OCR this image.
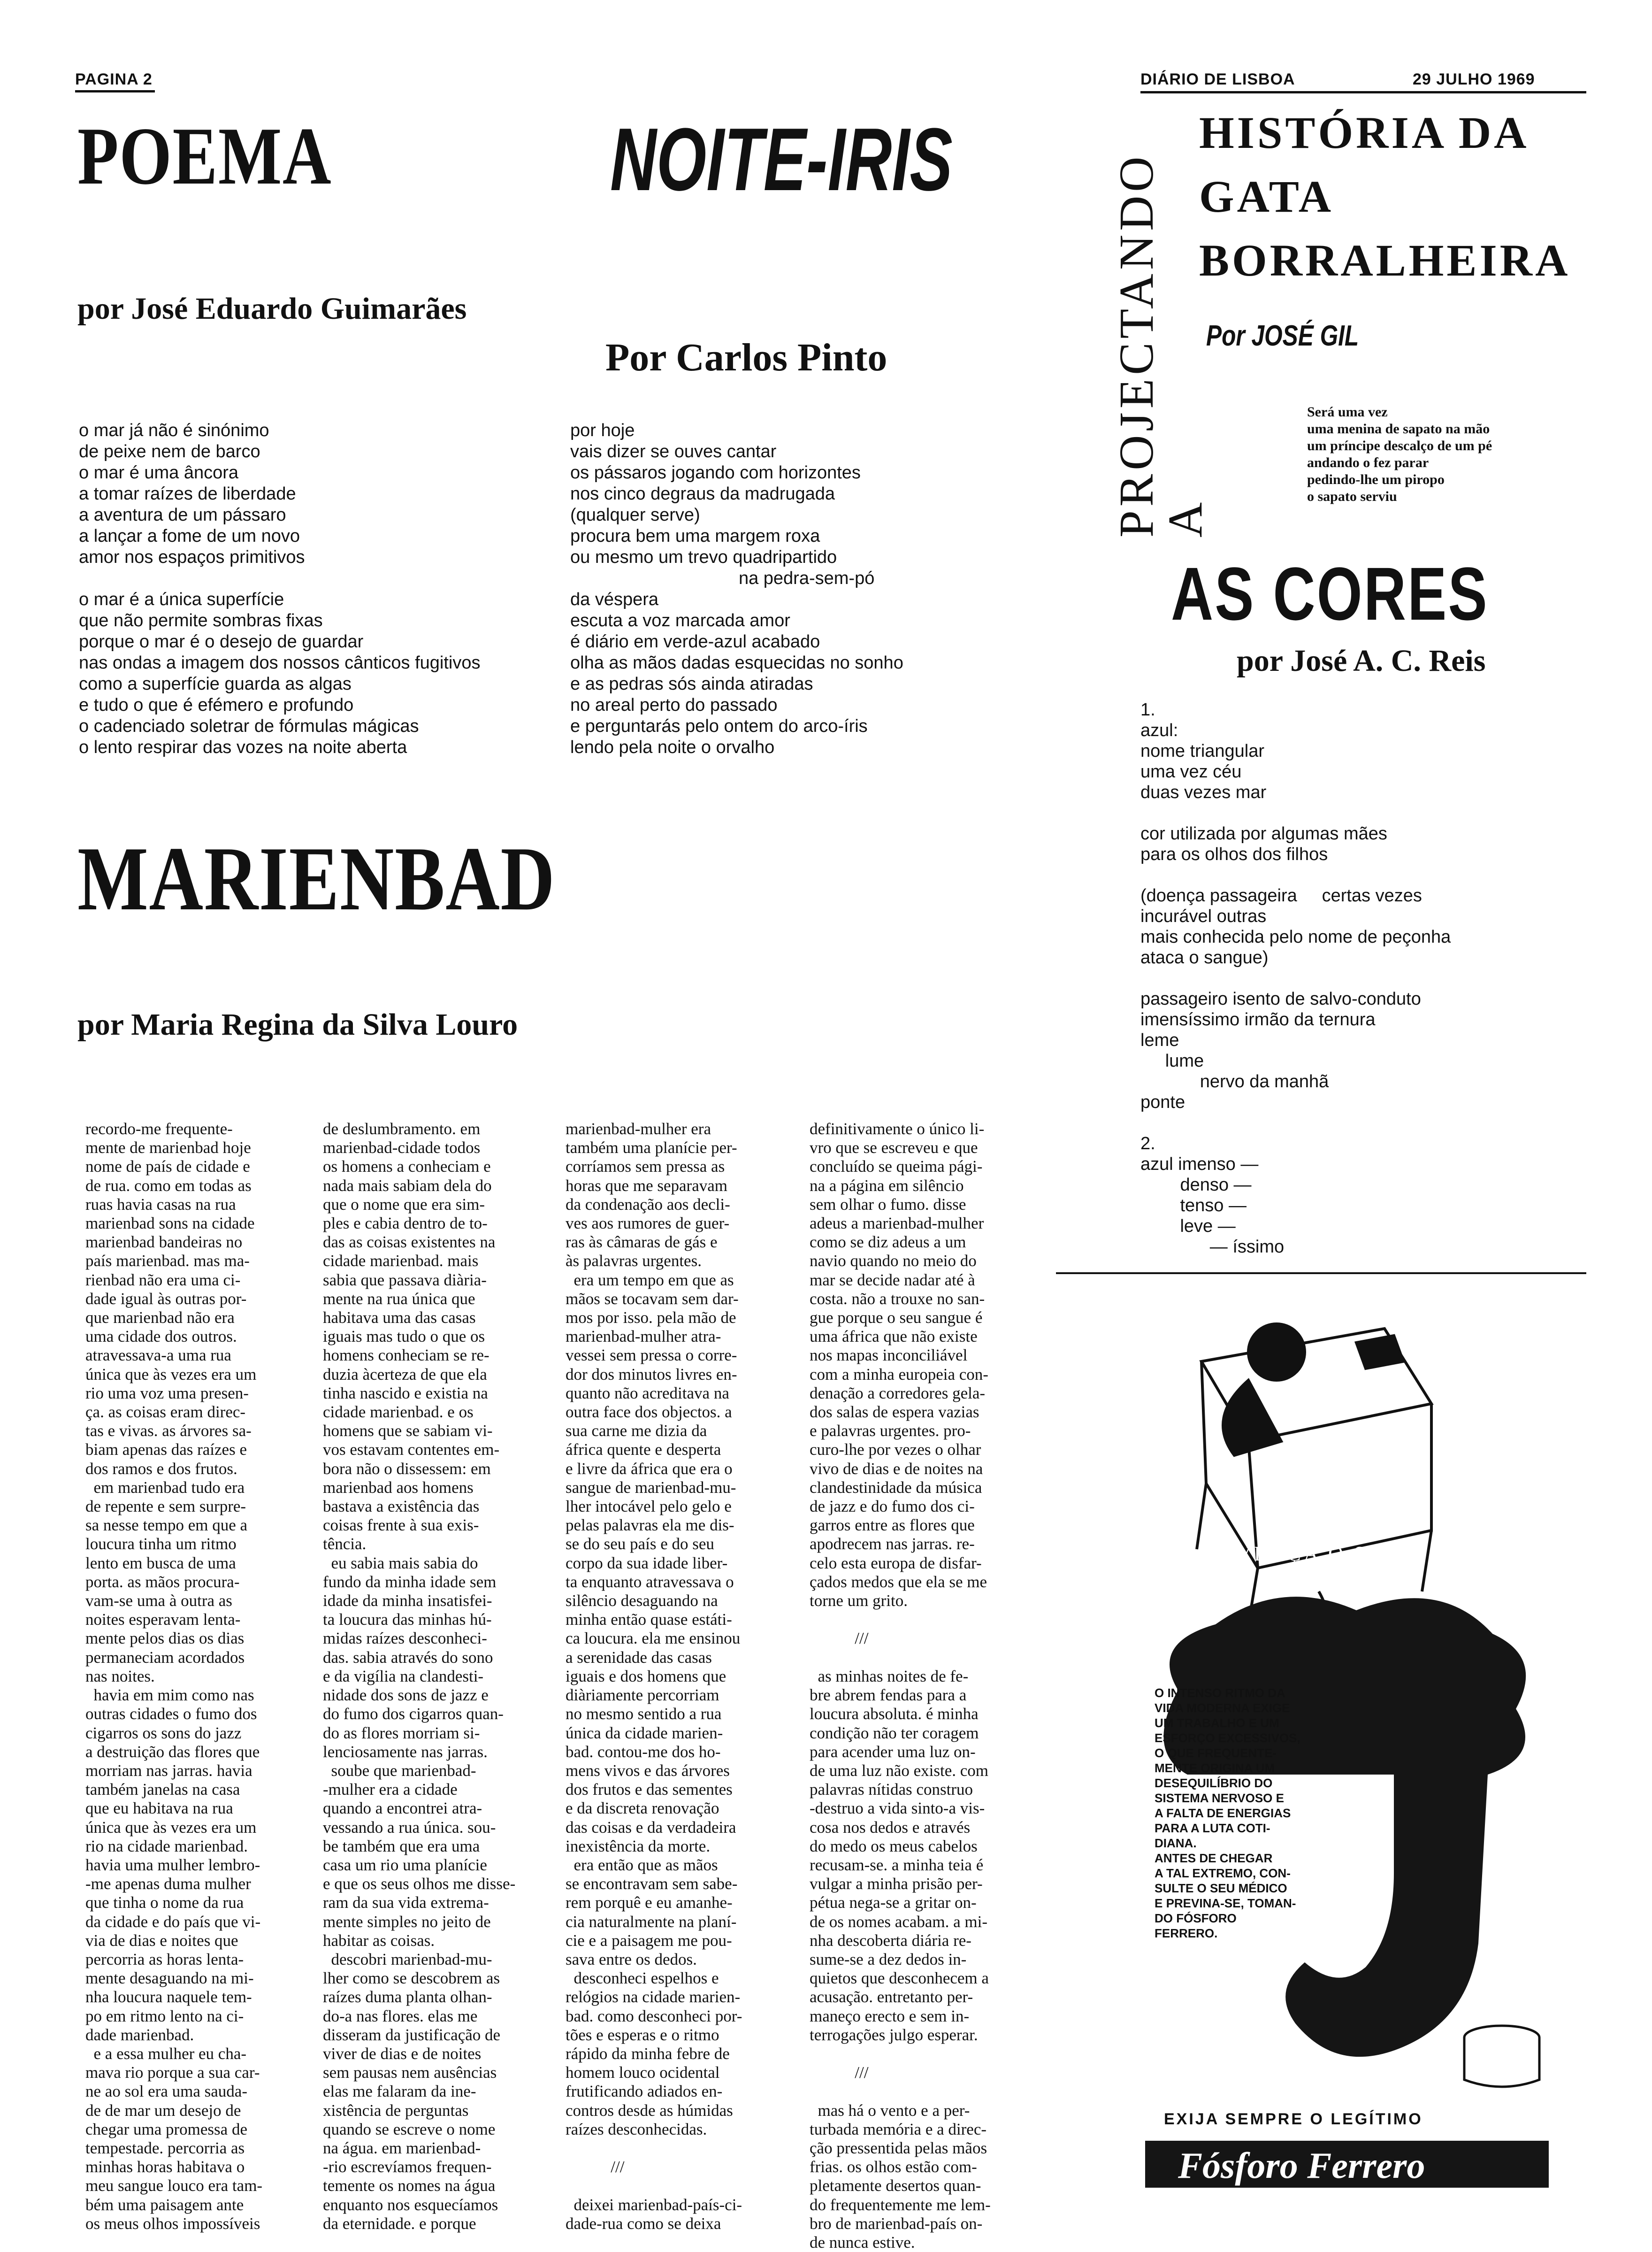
PAGINA 2	DIÁRIO DE LISBOA	29 JULHO 1969
POEMA
por José Eduardo Guimarães
o mar já não é sinónimo
de peixe nem de barco
o mar é uma âncora
a tomar raízes de liberdade
a aventura de um pássaro
a lançar a fome de um novo
amor nos espaços primitivos

o mar é a única superfície
que não permite sombras fixas
porque o mar é o desejo de guardar
nas ondas a imagem dos nossos cânticos fugitivos
como a superfície guarda as algas
e tudo o que é efémero e profundo
o cadenciado soletrar de fórmulas mágicas
o lento respirar das vozes na noite aberta
NOITE-IRIS
Por Carlos Pinto
por hoje
vais dizer se ouves cantar
os pássaros jogando com horizontes
nos cinco degraus da madrugada
(qualquer serve)
procura bem uma margem roxa
ou mesmo um trevo quadripartido
na pedra-sem-pó
da véspera
escuta a voz marcada amor
é diário em verde-azul acabado
olha as mãos dadas esquecidas no sonho
e as pedras sós ainda atiradas
no areal perto do passado
e perguntarás pelo ontem do arco-íris
lendo pela noite o orvalho
MARIENBAD
por Maria Regina da Silva Louro
recordo-me frequente-
mente de marienbad hoje
nome de país de cidade e
de rua. como em todas as
ruas havia casas na rua
marienbad sons na cidade
marienbad bandeiras no
país marienbad. mas ma-
rienbad não era uma ci-
dade igual às outras por-
que marienbad não era
uma cidade dos outros.
atravessava-a uma rua
única que às vezes era um
rio uma voz uma presen-
ça. as coisas eram direc-
tas e vivas. as árvores sa-
biam apenas das raízes e
dos ramos e dos frutos.
em marienbad tudo era
de repente e sem surpre-
sa nesse tempo em que a
loucura tinha um ritmo
lento em busca de uma
porta. as mãos procura-
vam-se uma à outra as
noites esperavam lenta-
mente pelos dias os dias
permaneciam acordados
nas noites.
havia em mim como nas
outras cidades o fumo dos
cigarros os sons do jazz
a destruição das flores que
morriam nas jarras. havia
também janelas na casa
que eu habitava na rua
única que às vezes era um
rio na cidade marienbad.
havia uma mulher lembro-
-me apenas duma mulher
que tinha o nome da rua
da cidade e do país que vi-
via de dias e noites que
percorria as horas lenta-
mente desaguando na mi-
nha loucura naquele tem-
po em ritmo lento na ci-
dade marienbad.
e a essa mulher eu cha-
mava rio porque a sua car-
ne ao sol era uma sauda-
de de mar um desejo de
chegar uma promessa de
tempestade. percorria as
minhas horas habitava o
meu sangue louco era tam-
bém uma paisagem ante
os meus olhos impossíveis
de deslumbramento. em
marienbad-cidade todos
os homens a conheciam e
nada mais sabiam dela do
que o nome que era sim-
ples e cabia dentro de to-
das as coisas existentes na
cidade marienbad. mais
sabia que passava diària-
mente na rua única que
habitava uma das casas
iguais mas tudo o que os
homens conheciam se re-
duzia àcerteza de que ela
tinha nascido e existia na
cidade marienbad. e os
homens que se sabiam vi-
vos estavam contentes em-
bora não o dissessem: em
marienbad aos homens
bastava a existência das
coisas frente à sua exis-
tência.
eu sabia mais sabia do
fundo da minha idade sem
idade da minha insatisfei-
ta loucura das minhas hú-
midas raízes desconheci-
das. sabia através do sono
e da vigília na clandesti-
nidade dos sons de jazz e
do fumo dos cigarros quan-
do as flores morriam si-
lenciosamente nas jarras.
soube que marienbad-
-mulher era a cidade
quando a encontrei atra-
vessando a rua única. sou-
be também que era uma
casa um rio uma planície
e que os seus olhos me disse-
ram da sua vida extrema-
mente simples no jeito de
habitar as coisas.
descobri marienbad-mu-
lher como se descobrem as
raízes duma planta olhan-
do-a nas flores. elas me
disseram da justificação de
viver de dias e de noites
sem pausas nem ausências
elas me falaram da ine-
xistência de perguntas
quando se escreve o nome
na água. em marienbad-
-rio escrevíamos frequen-
temente os nomes na água
enquanto nos esquecíamos
da eternidade. e porque
marienbad-mulher era
também uma planície per-
corríamos sem pressa as
horas que me separavam
da condenação aos decli-
ves aos rumores de guer-
ras às câmaras de gás e
às palavras urgentes.
era um tempo em que as
mãos se tocavam sem dar-
mos por isso. pela mão de
marienbad-mulher atra-
vessei sem pressa o corre-
dor dos minutos livres en-
quanto não acreditava na
outra face dos objectos. a
sua carne me dizia da
áfrica quente e desperta
e livre da áfrica que era o
sangue de marienbad-mu-
lher intocável pelo gelo e
pelas palavras ela me dis-
se do seu país e do seu
corpo da sua idade liber-
ta enquanto atravessava o
silêncio desaguando na
minha então quase estáti-
ca loucura. ela me ensinou
a serenidade das casas
iguais e dos homens que
diàriamente percorriam
no mesmo sentido a rua
única da cidade marien-
bad. contou-me dos ho-
mens vivos e das árvores
dos frutos e das sementes
e da discreta renovação
das coisas e da verdadeira
inexistência da morte.
era então que as mãos
se encontravam sem sabe-
rem porquê e eu amanhe-
cia naturalmente na planí-
cie e a paisagem me pou-
sava entre os dedos.
desconheci espelhos e
relógios na cidade marien-
bad. como desconheci por-
tões e esperas e o ritmo
rápido da minha febre de
homem louco ocidental
frutificando adiados en-
contros desde as húmidas
raízes desconhecidas.

///

deixei marienbad-país-ci-
dade-rua como se deixa
definitivamente o único li-
vro que se escreveu e que
concluído se queima pági-
na a página em silêncio
sem olhar o fumo. disse
adeus a marienbad-mulher
como se diz adeus a um
navio quando no meio do
mar se decide nadar até à
costa. não a trouxe no san-
gue porque o seu sangue é
uma áfrica que não existe
nos mapas inconciliável
com a minha europeia con-
denação a corredores gela-
dos salas de espera vazias
e palavras urgentes. pro-
curo-lhe por vezes o olhar
vivo de dias e de noites na
clandestinidade da música
de jazz e do fumo dos ci-
garros entre as flores que
apodrecem nas jarras. re-
celo esta europa de disfar-
çados medos que ela se me
torne um grito.

///

as minhas noites de fe-
bre abrem fendas para a
loucura absoluta. é minha
condição não ter coragem
para acender uma luz on-
de uma luz não existe. com
palavras nítidas construo
-destruo a vida sinto-a vis-
cosa nos dedos e através
do medo os meus cabelos
recusam-se. a minha teia é
vulgar a minha prisão per-
pétua nega-se a gritar on-
de os nomes acabam. a mi-
nha descoberta diária re-
sume-se a dez dedos in-
quietos que desconhecem a
acusação. entretanto per-
maneço erecto e sem in-
terrogações julgo esperar.

///

mas há o vento e a per-
turbada memória e a direc-
ção pressentida pelas mãos
frias. os olhos estão com-
pletamente desertos quan-
do frequentemente me lem-
bro de marienbad-país on-
de nunca estive.
PROJECTANDO A
HISTÓRIA DA
GATA
BORRALHEIRA
Por JOSÉ GIL
Será uma vez
uma menina de sapato na mão
um príncipe descalço de um pé
andando o fez parar
pedindo-lhe um piropo
o sapato serviu
AS CORES
por José A. C. Reis
1.
azul:
nome triangular
uma vez céu
duas vezes mar

cor utilizada por algumas mães
para os olhos dos filhos

(doença passageira     certas vezes
incurável outras
mais conhecida pelo nome de peçonha
ataca o sangue)

passageiro isento de salvo-conduto
imensíssimo irmão da ternura
leme
lume
nervo da manhã
ponte

2.
azul imenso —
denso —
tenso —
leve —
— íssimo
VENÇA O SEU
ESGOTAMENTO
O INTENSO RITMO DA
VIDA MODERNA EXIGE
UM TRABALHO E UM
ESFORÇO EXCESSIVOS,
O QUE FREQUENTE-
MENTE ORIGINA UM
DESEQUILÍBRIO DO
SISTEMA NERVOSO E
A FALTA DE ENERGIAS
PARA A LUTA COTI-
DIANA.
ANTES DE CHEGAR
A TAL EXTREMO, CON-
SULTE O SEU MÉDICO
E PREVINA-SE, TOMAN-
DO FÓSFORO
FERRERO.
EXIJA SEMPRE O LEGÍTIMO
Fósforo Ferrero
